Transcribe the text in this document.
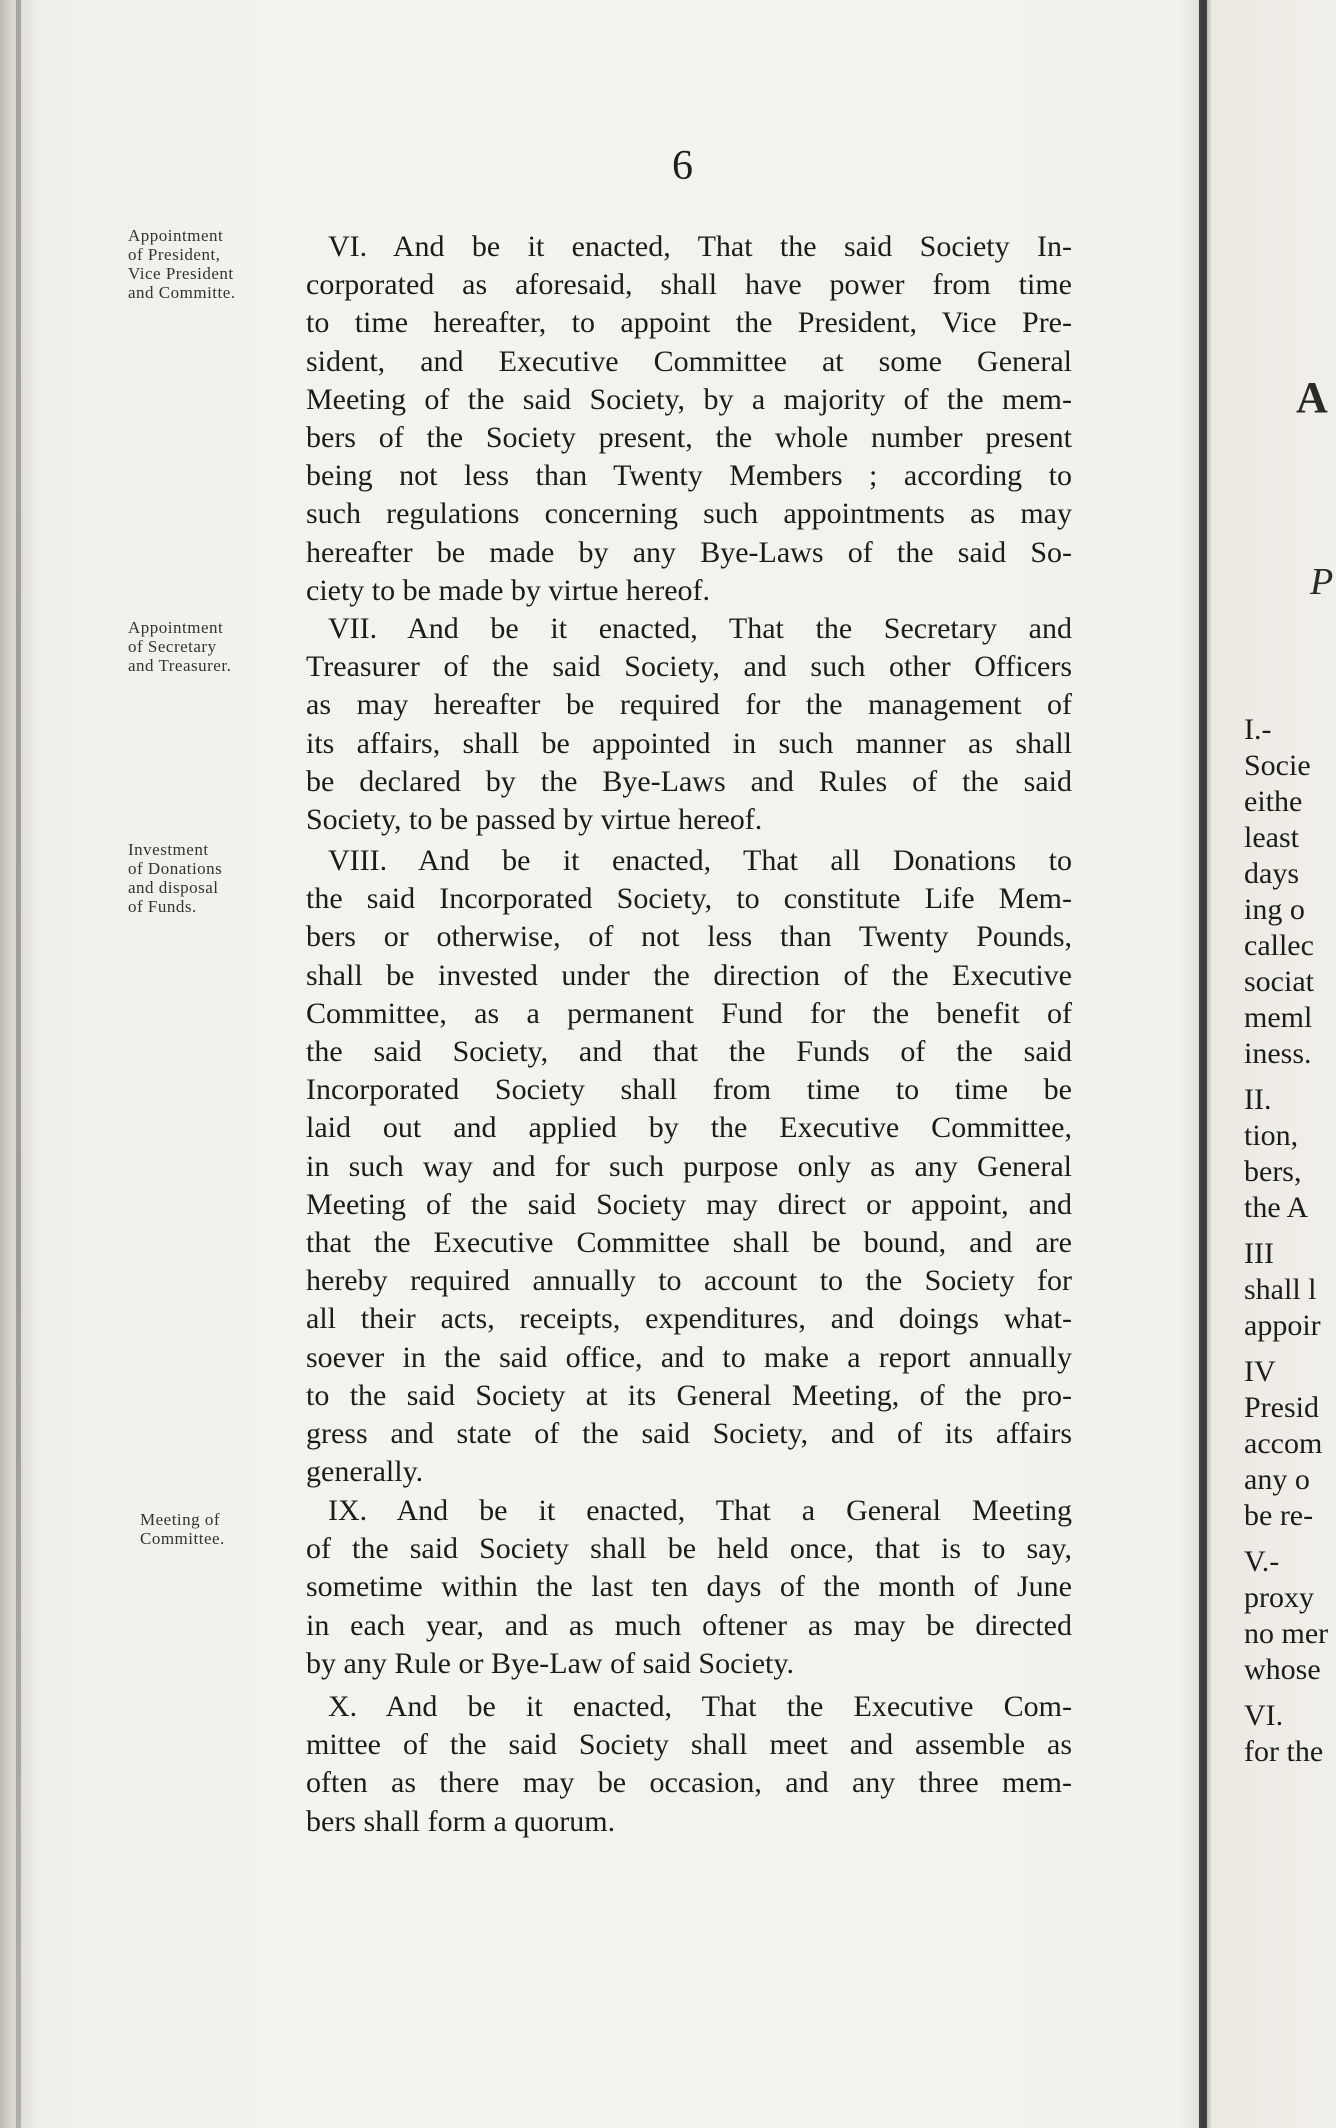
6
Appointment
of President,
Vice President
and Committe.
VI. And be it enacted, That the said Society In-
corporated as aforesaid, shall have power from time
to time hereafter, to appoint the President, Vice Pre-
sident, and Executive Committee at some General
Meeting of the said Society, by a majority of the mem-
bers of the Society present, the whole number present
being not less than Twenty Members ; according to
such regulations concerning such appointments as may
hereafter be made by any Bye-Laws of the said So-
ciety to be made by virtue hereof.
Appointment
of Secretary
and Treasurer.
VII. And be it enacted, That the Secretary and
Treasurer of the said Society, and such other Officers
as may hereafter be required for the management of
its affairs, shall be appointed in such manner as shall
be declared by the Bye-Laws and Rules of the said
Society, to be passed by virtue hereof.
Investment
of Donations
and disposal
of Funds.
VIII. And be it enacted, That all Donations to
the said Incorporated Society, to constitute Life Mem-
bers or otherwise, of not less than Twenty Pounds,
shall be invested under the direction of the Executive
Committee, as a permanent Fund for the benefit of
the said Society, and that the Funds of the said
Incorporated Society shall from time to time be
laid out and applied by the Executive Committee,
in such way and for such purpose only as any General
Meeting of the said Society may direct or appoint, and
that the Executive Committee shall be bound, and are
hereby required annually to account to the Society for
all their acts, receipts, expenditures, and doings what-
soever in the said office, and to make a report annually
to the said Society at its General Meeting, of the pro-
gress and state of the said Society, and of its affairs
generally.
Meeting of
Committee.
IX. And be it enacted, That a General Meeting
of the said Society shall be held once, that is to say,
sometime within the last ten days of the month of June
in each year, and as much oftener as may be directed
by any Rule or Bye-Law of said Society.
X. And be it enacted, That the Executive Com-
mittee of the said Society shall meet and assemble as
often as there may be occasion, and any three mem-
bers shall form a quorum.
A
P
I.-
Socie
eithe
least
days
ing o
callec
sociat
meml
iness.
II.
tion,
bers,
the A
III
shall l
appoir
IV
Presid
accom
any o
be re-
V.-
proxy
no mer
whose
VI.
for the
